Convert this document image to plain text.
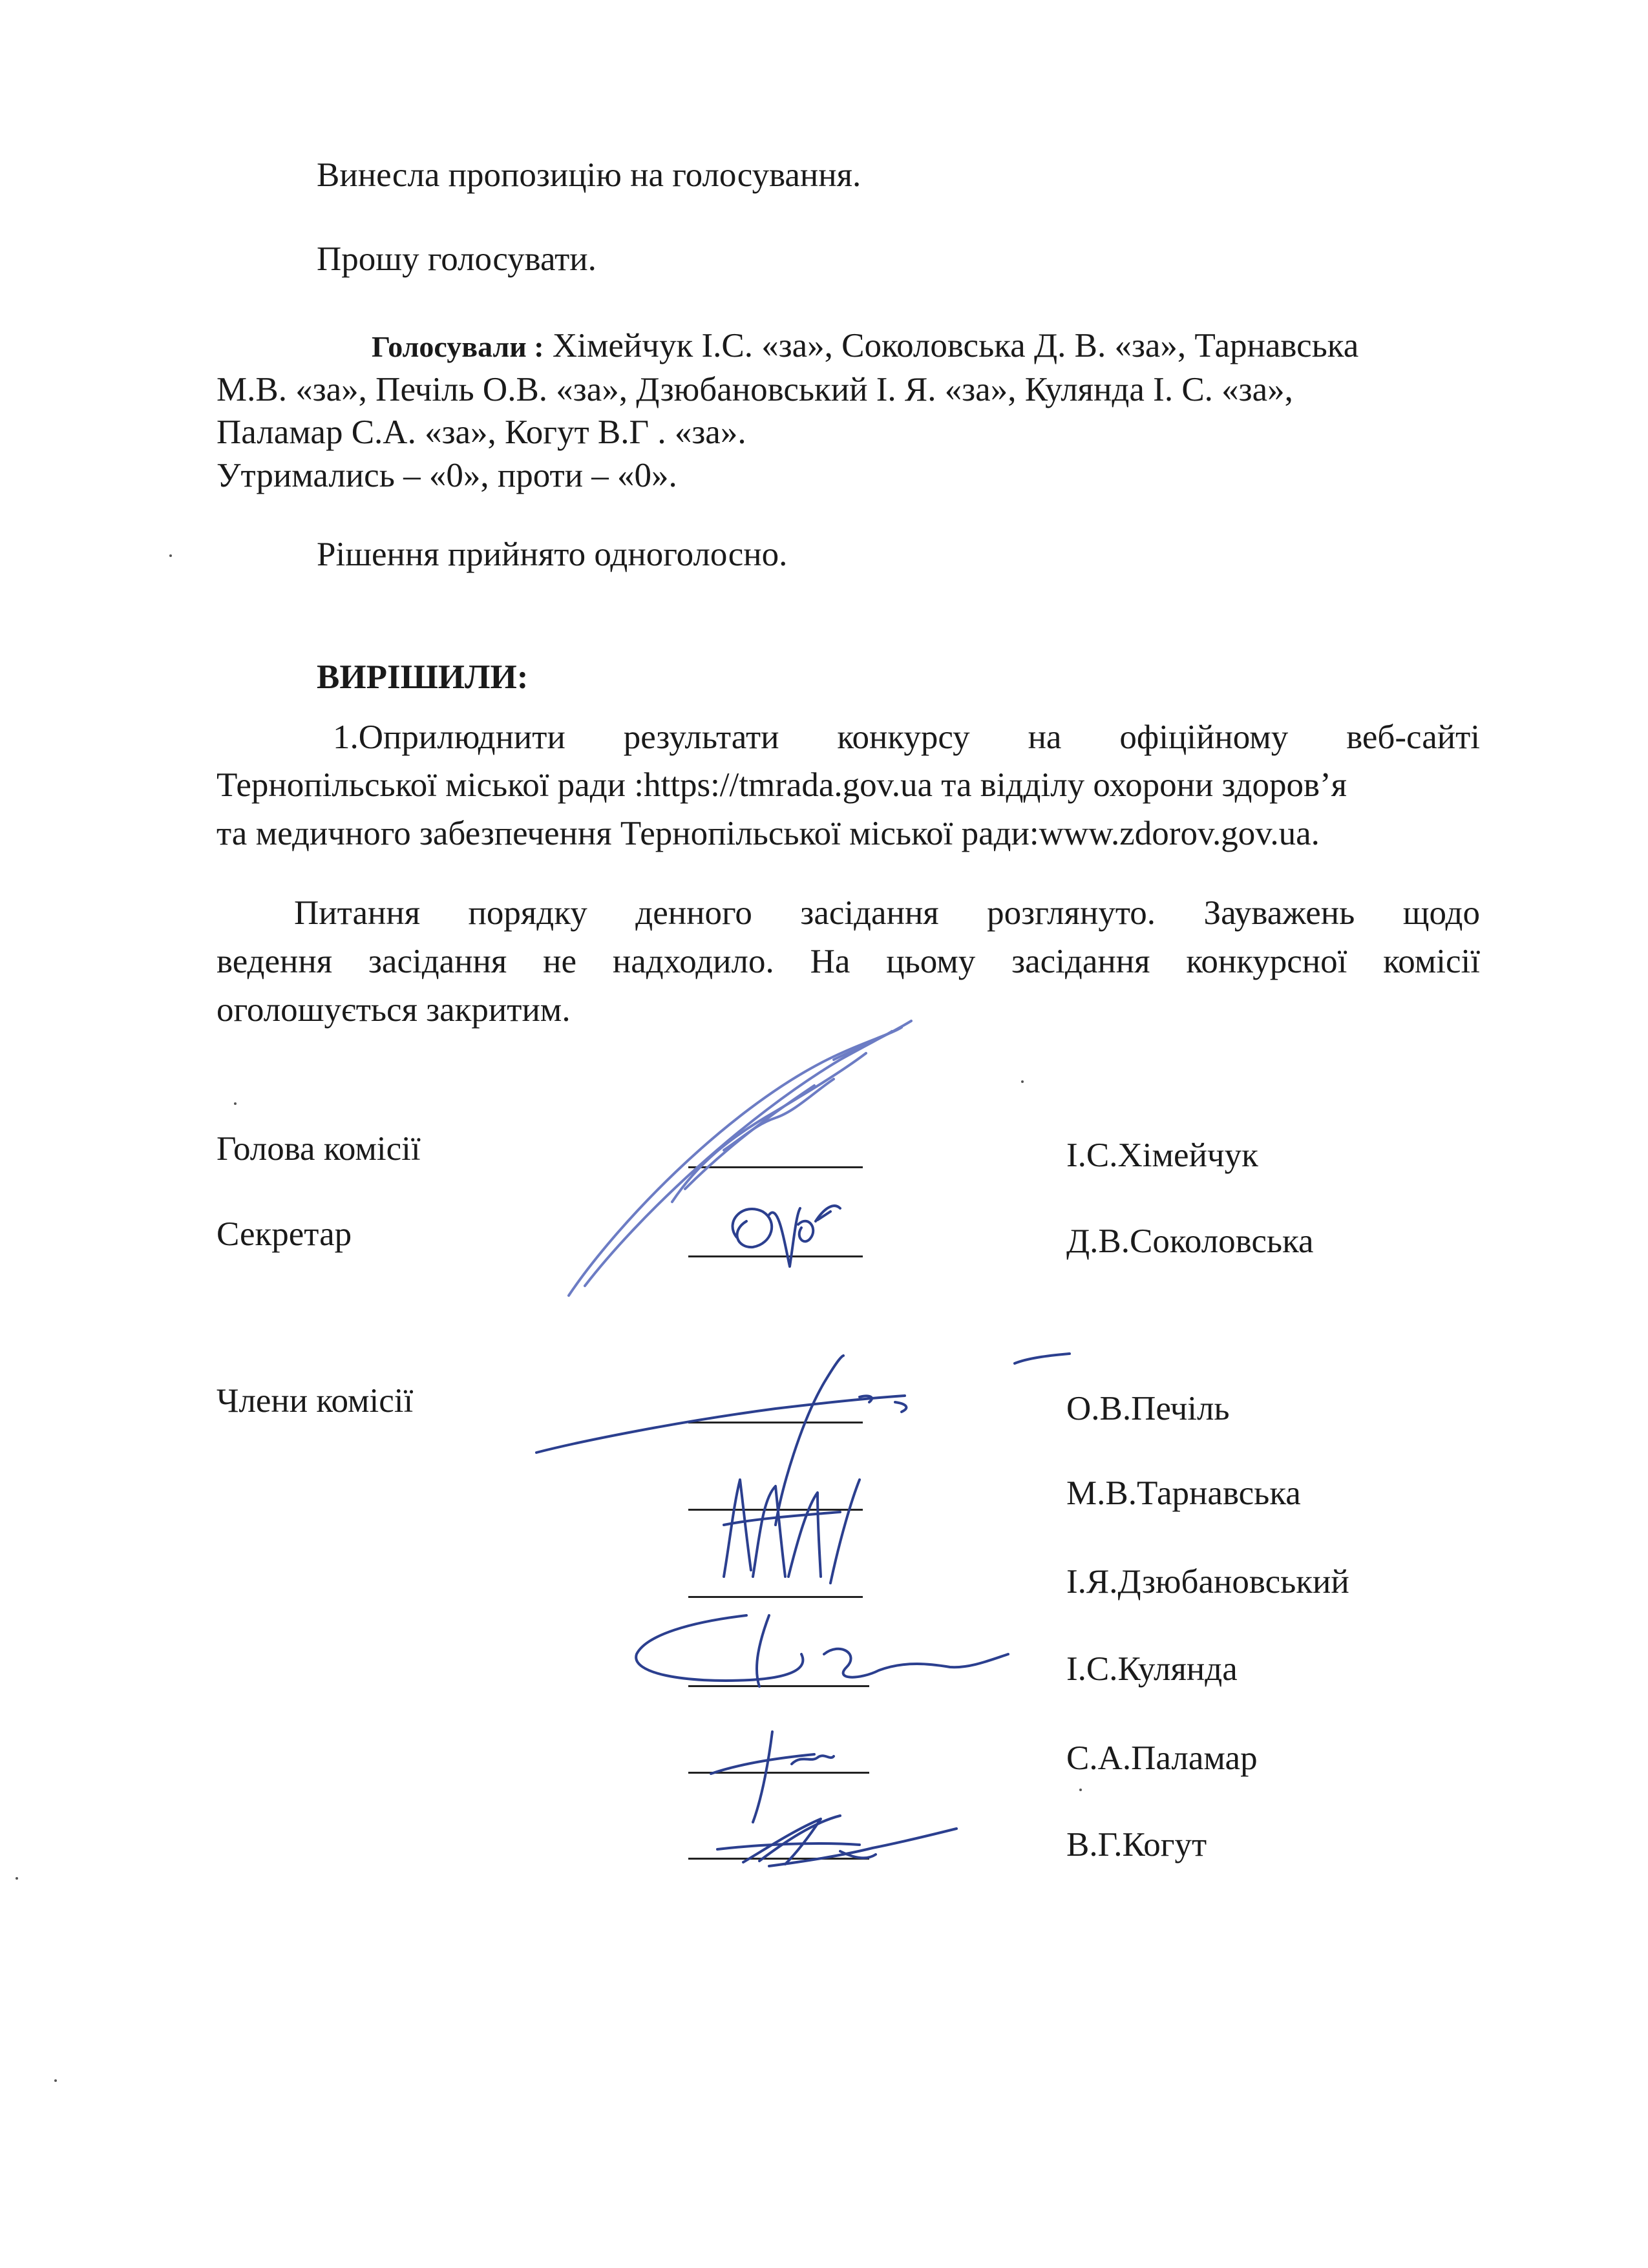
Винесла пропозицію на голосування.
Прошу голосувати.
Голосували : Хімейчук І.С. «за», Соколовська Д. В. «за», Тарнавська
М.В. «за», Печіль О.В. «за», Дзюбановський І. Я. «за», Кулянда І. С. «за»,
Паламар С.А. «за», Когут В.Г . «за».
Утримались – «0», проти – «0».
Рішення прийнято одноголосно.
ВИРІШИЛИ:
1.Оприлюднити результати конкурсу на офіційному веб-сайті
Тернопільської міської ради :https://tmrada.gov.ua та відділу охорони здоров’я
та медичного забезпечення Тернопільської міської ради:www.zdorov.gov.ua.
Питання порядку денного засідання розглянуто. Зауважень щодо
ведення засідання не надходило. На цьому засідання конкурсної комісії
оголошується закритим.
Голова комісії	І.С.Хімейчук
Секретар	Д.В.Соколовська
Члени комісії	О.В.Печіль
М.В.Тарнавська
І.Я.Дзюбановський
І.С.Кулянда
С.А.Паламар
В.Г.Когут
